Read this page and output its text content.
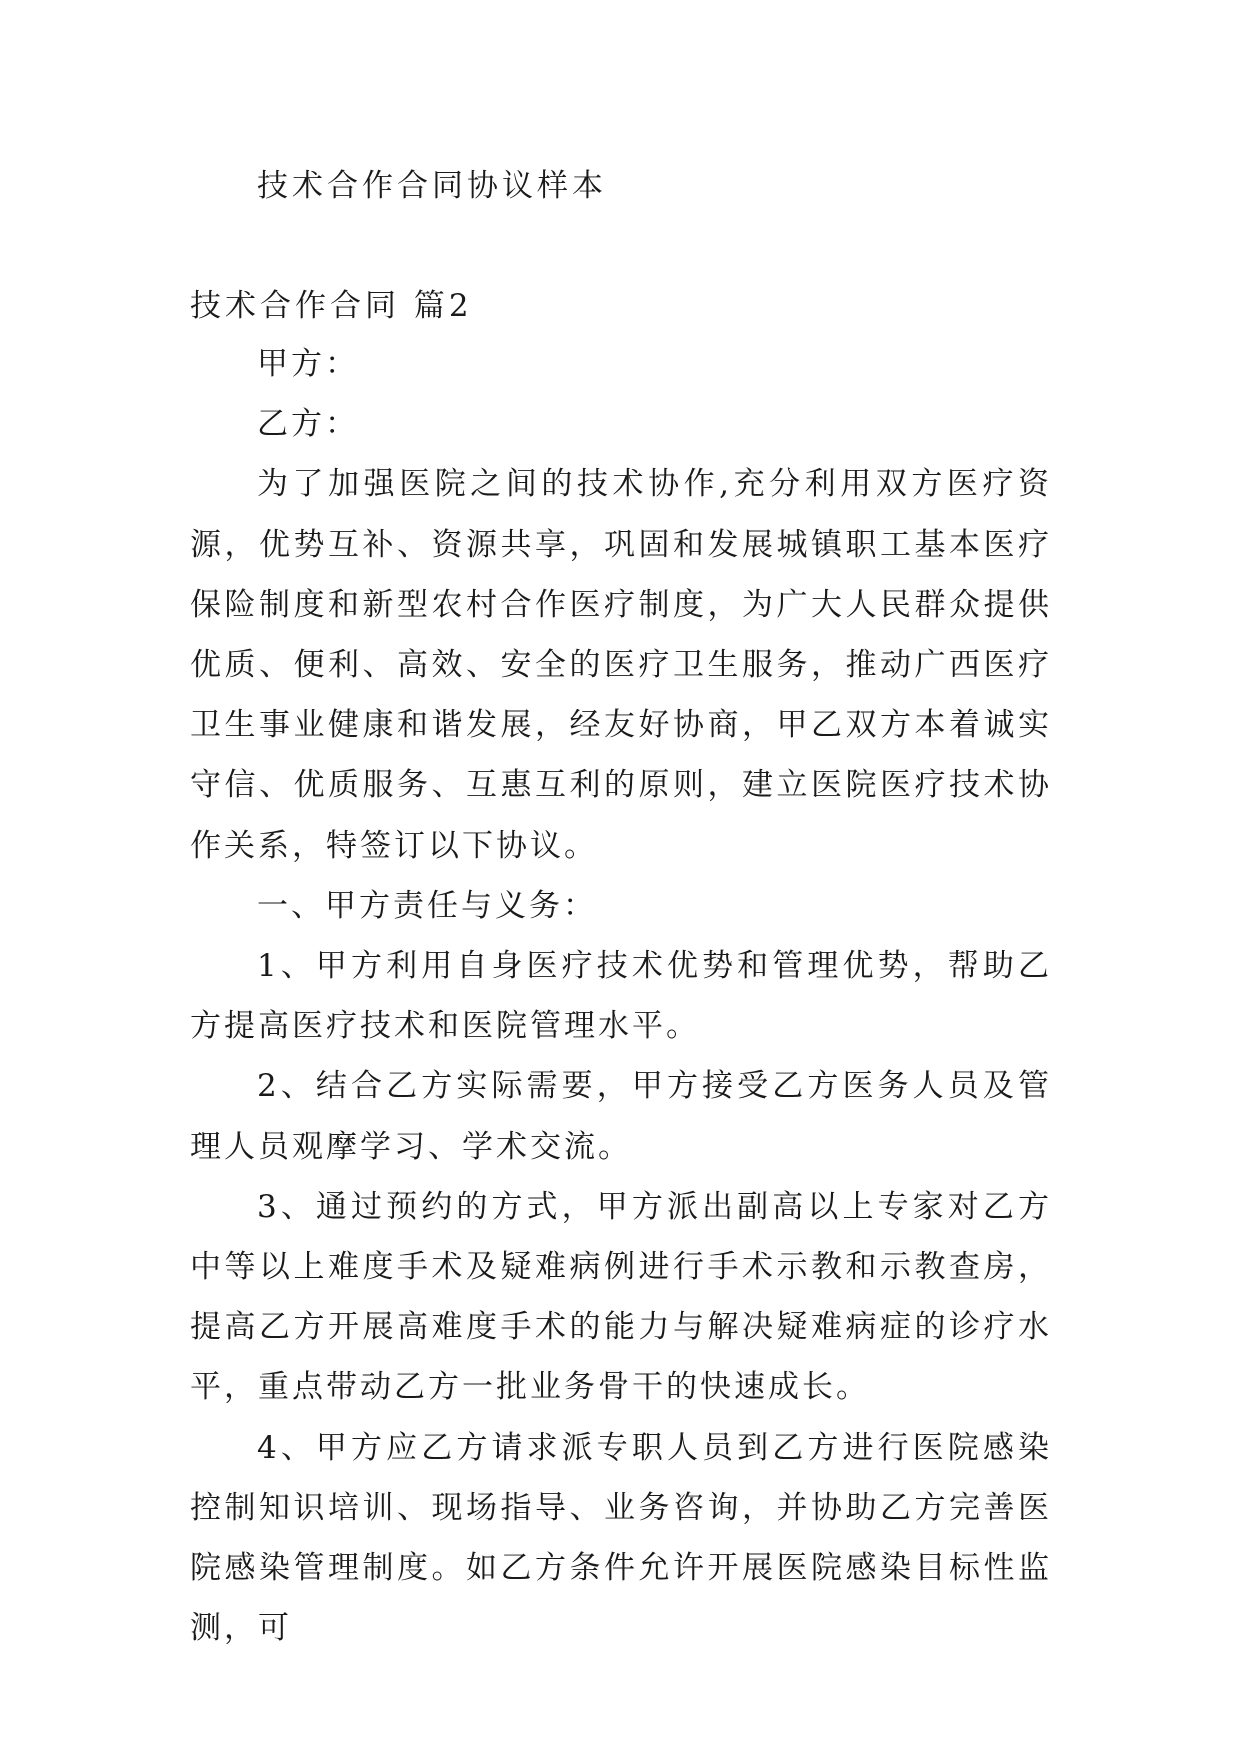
技术合作合同协议样本
技术合作合同 篇2

甲方：

乙方：

为了加强医院之间的技术协作,充分利用双方医疗资源，优势互补、资源共享，巩固和发展城镇职工基本医疗保险制度和新型农村合作医疗制度，为广大人民群众提供优质、便利、高效、安全的医疗卫生服务，推动广西医疗卫生事业健康和谐发展，经友好协商，甲乙双方本着诚实守信、优质服务、互惠互利的原则，建立医院医疗技术协作关系，特签订以下协议。

一、甲方责任与义务：

1、甲方利用自身医疗技术优势和管理优势，帮助乙方提高医疗技术和医院管理水平。

2、结合乙方实际需要，甲方接受乙方医务人员及管理人员观摩学习、学术交流。

3、通过预约的方式，甲方派出副高以上专家对乙方中等以上难度手术及疑难病例进行手术示教和示教查房，提高乙方开展高难度手术的能力与解决疑难病症的诊疗水平，重点带动乙方一批业务骨干的快速成长。

4、甲方应乙方请求派专职人员到乙方进行医院感染控制知识培训、现场指导、业务咨询，并协助乙方完善医院感染管理制度。如乙方条件允许开展医院感染目标性监测，可
